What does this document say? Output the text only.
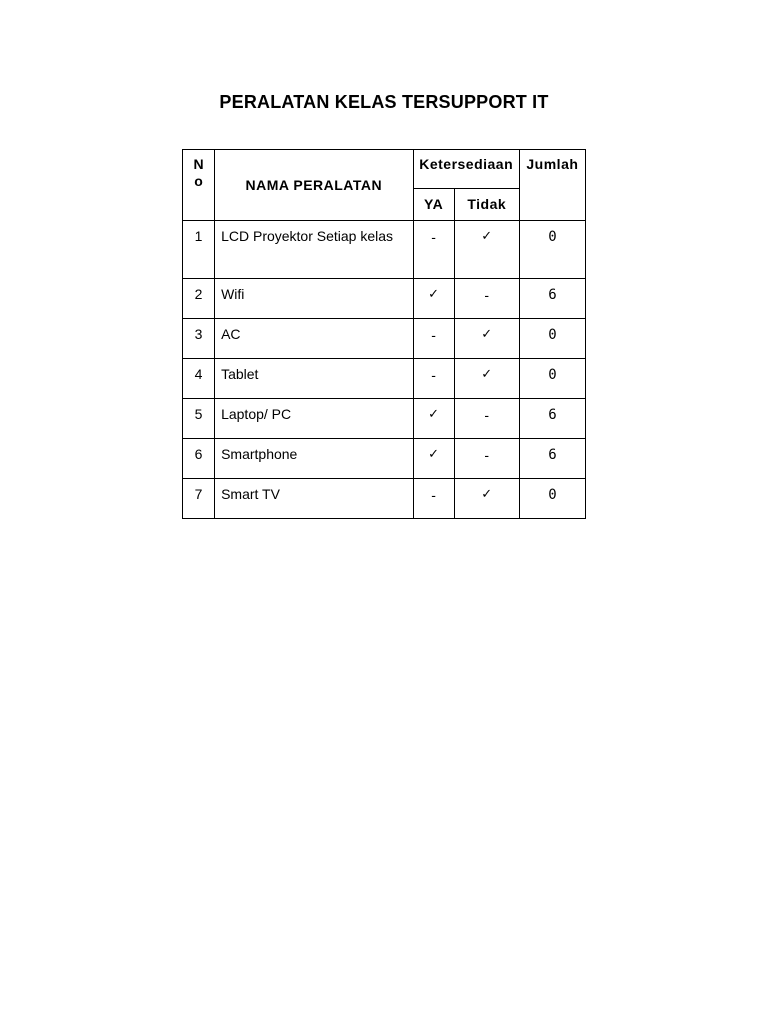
PERALATAN KELAS TERSUPPORT IT
N o	NAMA PERALATAN	Ketersediaan		Jumlah
		YA	Tidak	
1	LCD Proyektor Setiap kelas	-	✓	0
2	Wifi	✓	-	6
3	AC	-	✓	0
4	Tablet	-	✓	0
5	Laptop/ PC	✓	-	6
6	Smartphone	✓	-	6
7	Smart TV	-	✓	0
